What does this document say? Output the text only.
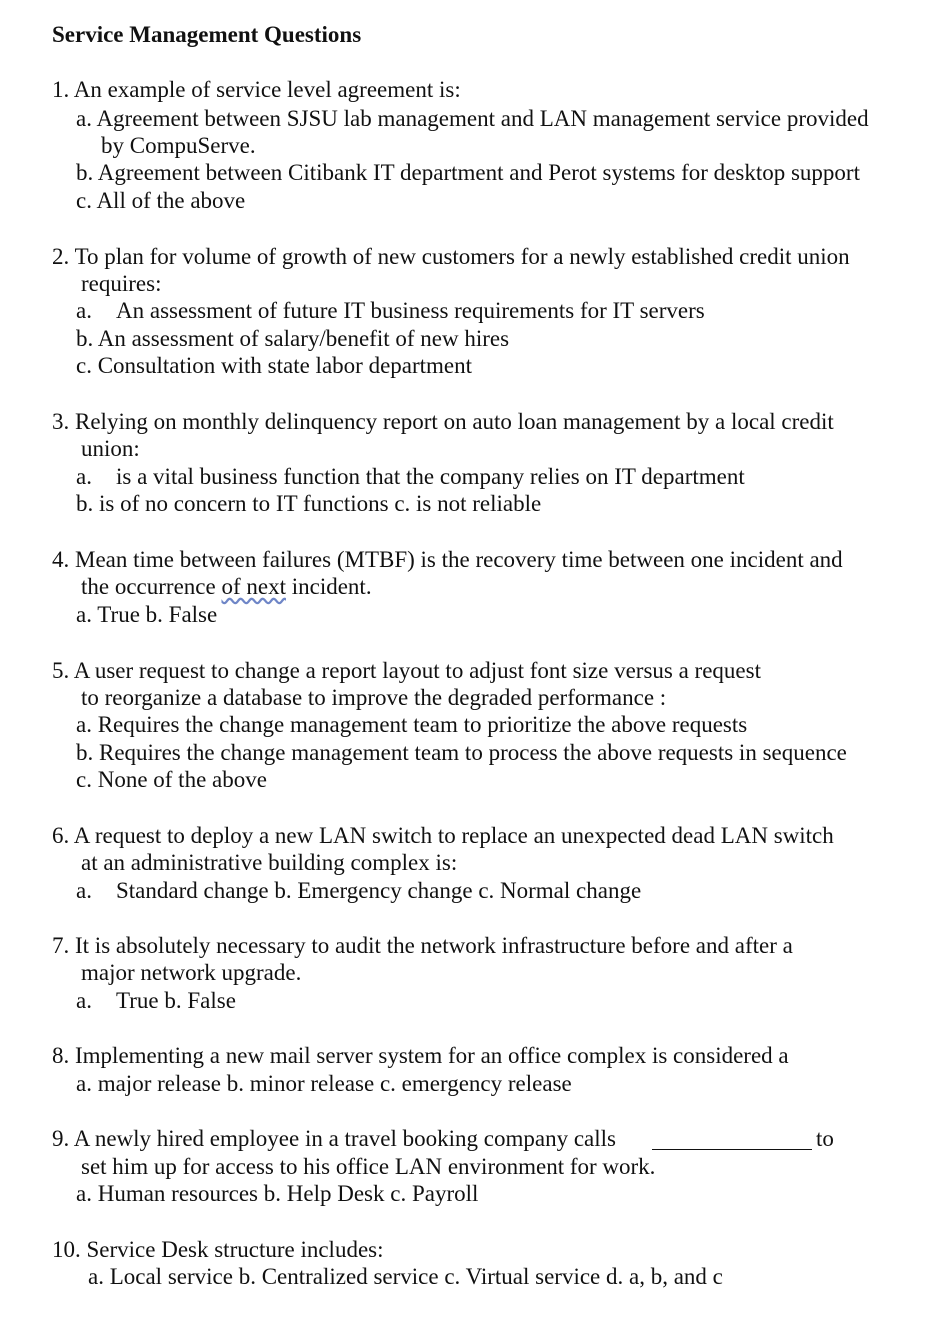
Service Management Questions
1. An example of service level agreement is:
a. Agreement between SJSU lab management and LAN management service provided
by CompuServe.
b. Agreement between Citibank IT department and Perot systems for desktop support
c. All of the above
2. To plan for volume of growth of new customers for a newly established credit union
requires:
a. An assessment of future IT business requirements for IT servers
b. An assessment of salary/benefit of new hires
c. Consultation with state labor department
3. Relying on monthly delinquency report on auto loan management by a local credit
union:
a. is a vital business function that the company relies on IT department
b. is of no concern to IT functions c. is not reliable
4. Mean time between failures (MTBF) is the recovery time between one incident and
the occurrence of next incident.
a. True b. False
5. A user request to change a report layout to adjust font size versus a request
to reorganize a database to improve the degraded performance :
a. Requires the change management team to prioritize the above requests
b. Requires the change management team to process the above requests in sequence
c. None of the above
6. A request to deploy a new LAN switch to replace an unexpected dead LAN switch
at an administrative building complex is:
a. Standard change b. Emergency change c. Normal change
7. It is absolutely necessary to audit the network infrastructure before and after a
major network upgrade.
a. True b. False
8. Implementing a new mail server system for an office complex is considered a
a. major release b. minor release c. emergency release
9. A newly hired employee in a travel booking company calls	to
set him up for access to his office LAN environment for work.
a. Human resources b. Help Desk c. Payroll
10. Service Desk structure includes:
a. Local service b. Centralized service c. Virtual service d. a, b, and c
